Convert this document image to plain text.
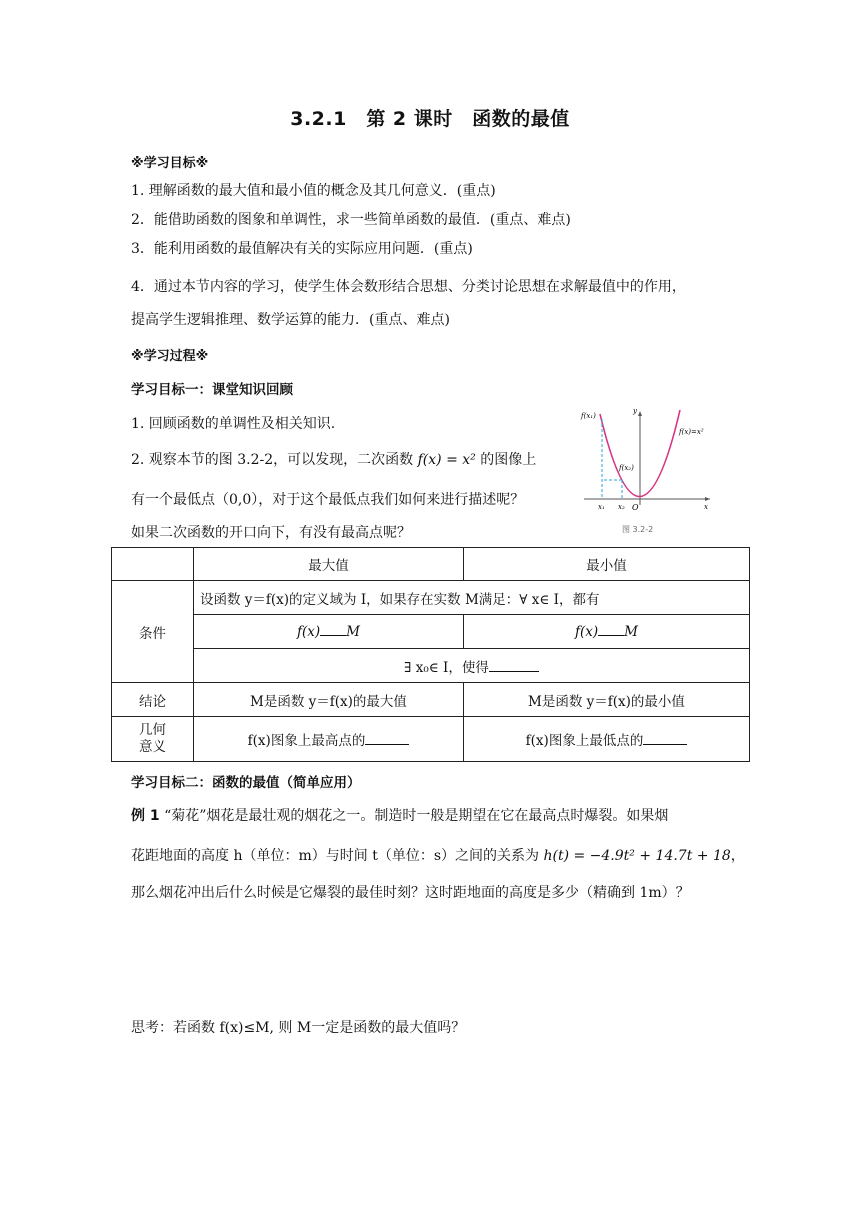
3.2.1　第 2 课时　函数的最值
※学习目标※
1. 理解函数的最大值和最小值的概念及其几何意义．(重点)
2．能借助函数的图象和单调性，求一些简单函数的最值．(重点、难点)
3．能利用函数的最值解决有关的实际应用问题．(重点)
4．通过本节内容的学习，使学生体会数形结合思想、分类讨论思想在求解最值中的作用，
提高学生逻辑推理、数学运算的能力．(重点、难点)
※学习过程※
学习目标一：课堂知识回顾
1. 回顾函数的单调性及相关知识.
2. 观察本节的图 3.2-2，可以发现，二次函数 f(x) = x² 的图像上
有一个最低点（0,0），对于这个最低点我们如何来进行描述呢？
如果二次函数的开口向下，有没有最高点呢？
f(x₁)
f(x₂)
f(x)=x²
y
x
x₁ x₂ O
图 3.2-2
	最大值	最小值
条件	设函数 y＝f(x)的定义域为 I，如果存在实数 M满足：∀ x∈ I，都有	
	f(x) M	f(x) M
	∃ x₀∈ I，使得	
结论	M是函数 y＝f(x)的最大值	M是函数 y＝f(x)的最小值

几何
意义	f(x)图象上最高点的	f(x)图象上最低点的
学习目标二：函数的最值（简单应用）
例 1 “菊花”烟花是最壮观的烟花之一。制造时一般是期望在它在最高点时爆裂。如果烟
花距地面的高度 h（单位：m）与时间 t（单位：s）之间的关系为 h(t) = −4.9t² + 14.7t + 18，
那么烟花冲出后什么时候是它爆裂的最佳时刻？这时距地面的高度是多少（精确到 1m）？
思考：若函数 f(x)≤M, 则 M一定是函数的最大值吗？
